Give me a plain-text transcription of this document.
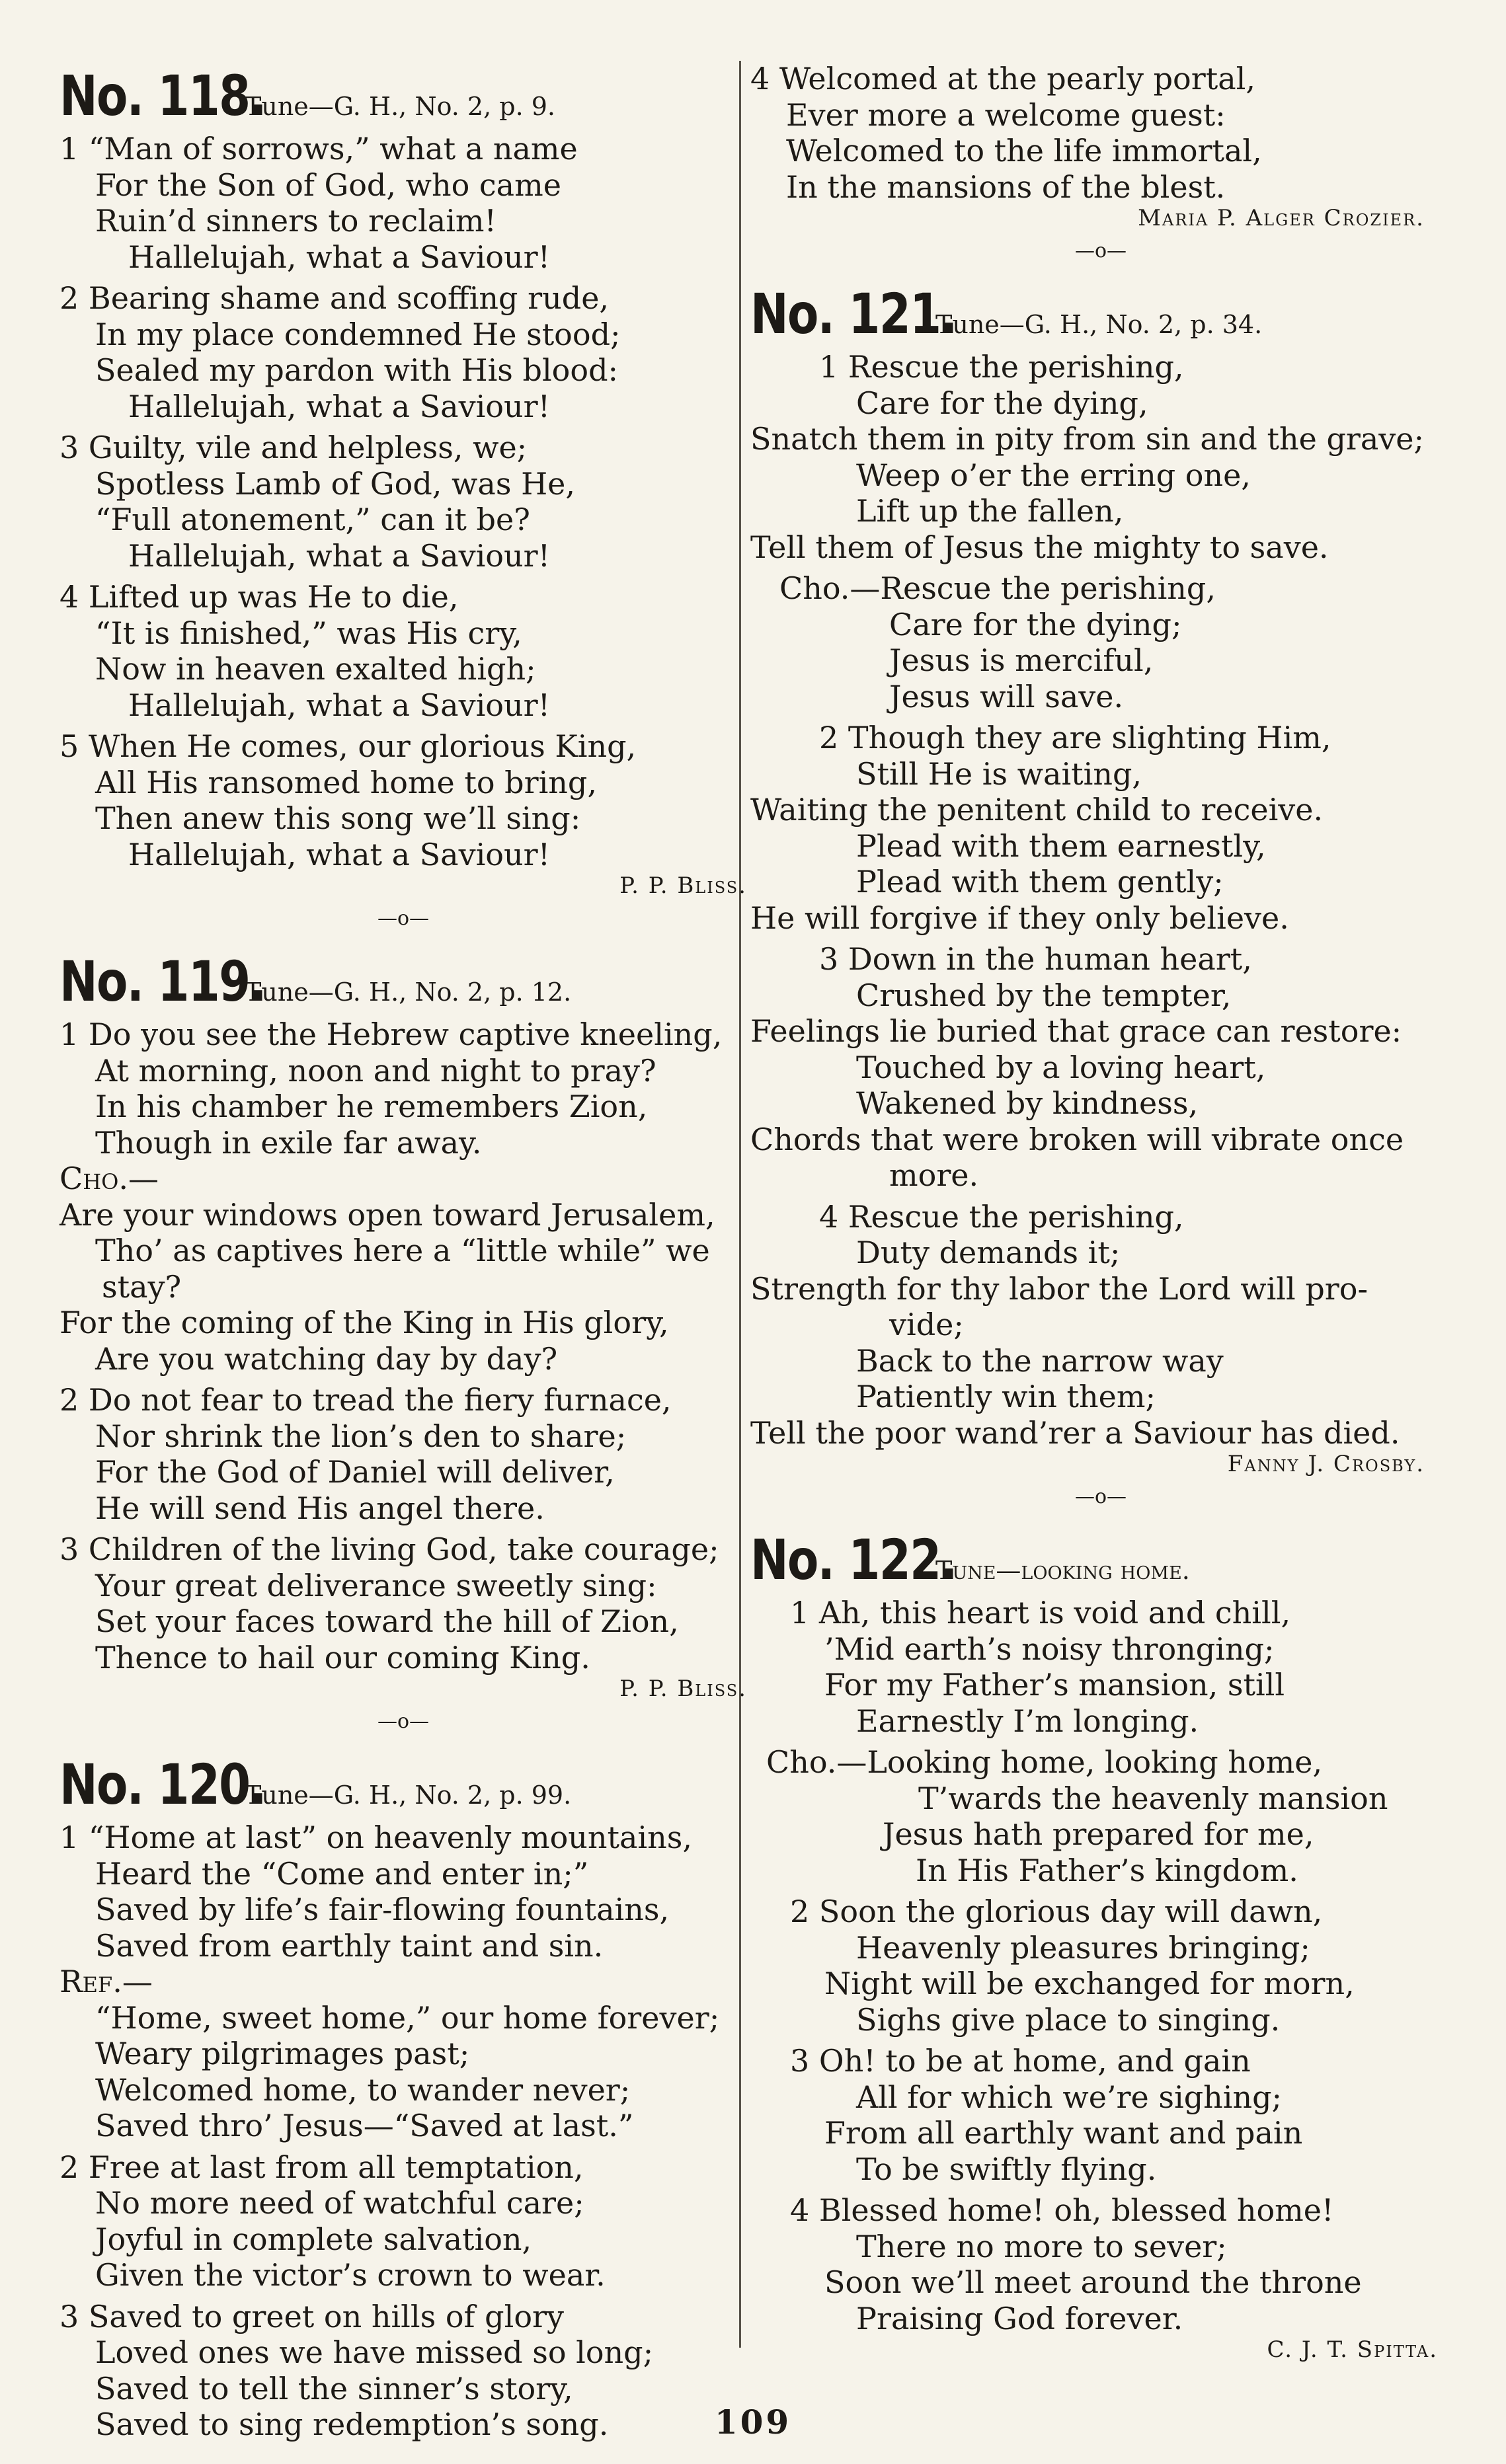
No. 118.
Tune—G. H., No. 2, p. 9.
1 “Man of sorrows,” what a name
For the Son of God, who came
Ruin’d sinners to reclaim!
Hallelujah, what a Saviour!
2 Bearing shame and scoffing rude,
In my place condemned He stood;
Sealed my pardon with His blood:
Hallelujah, what a Saviour!
3 Guilty, vile and helpless, we;
Spotless Lamb of God, was He,
“Full atonement,” can it be?
Hallelujah, what a Saviour!
4 Lifted up was He to die,
“It is finished,” was His cry,
Now in heaven exalted high;
Hallelujah, what a Saviour!
5 When He comes, our glorious King,
All His ransomed home to bring,
Then anew this song we’ll sing:
Hallelujah, what a Saviour!
P. P. Bliss.
—o—
No. 119.
Tune—G. H., No. 2, p. 12.
1 Do you see the Hebrew captive kneeling,
At morning, noon and night to pray?
In his chamber he remembers Zion,
Though in exile far away.
Cho.—
Are your windows open toward Jerusalem,
Tho’ as captives here a “little while” we
stay?
For the coming of the King in His glory,
Are you watching day by day?
2 Do not fear to tread the fiery furnace,
Nor shrink the lion’s den to share;
For the God of Daniel will deliver,
He will send His angel there.
3 Children of the living God, take courage;
Your great deliverance sweetly sing:
Set your faces toward the hill of Zion,
Thence to hail our coming King.
P. P. Bliss.
—o—
No. 120.
Tune—G. H., No. 2, p. 99.
1 “Home at last” on heavenly mountains,
Heard the “Come and enter in;”
Saved by life’s fair-flowing fountains,
Saved from earthly taint and sin.
Ref.—
“Home, sweet home,” our home forever;
Weary pilgrimages past;
Welcomed home, to wander never;
Saved thro’ Jesus—“Saved at last.”
2 Free at last from all temptation,
No more need of watchful care;
Joyful in complete salvation,
Given the victor’s crown to wear.
3 Saved to greet on hills of glory
Loved ones we have missed so long;
Saved to tell the sinner’s story,
Saved to sing redemption’s song.
4 Welcomed at the pearly portal,
Ever more a welcome guest:
Welcomed to the life immortal,
In the mansions of the blest.
Maria P. Alger Crozier.
—o—
No. 121.
Tune—G. H., No. 2, p. 34.
1 Rescue the perishing,
Care for the dying,
Snatch them in pity from sin and the grave;
Weep o’er the erring one,
Lift up the fallen,
Tell them of Jesus the mighty to save.
Cho.—Rescue the perishing,
Care for the dying;
Jesus is merciful,
Jesus will save.
2 Though they are slighting Him,
Still He is waiting,
Waiting the penitent child to receive.
Plead with them earnestly,
Plead with them gently;
He will forgive if they only believe.
3 Down in the human heart,
Crushed by the tempter,
Feelings lie buried that grace can restore:
Touched by a loving heart,
Wakened by kindness,
Chords that were broken will vibrate once
more.
4 Rescue the perishing,
Duty demands it;
Strength for thy labor the Lord will pro-
vide;
Back to the narrow way
Patiently win them;
Tell the poor wand’rer a Saviour has died.
Fanny J. Crosby.
—o—
No. 122.
Tune—looking home.
1 Ah, this heart is void and chill,
’Mid earth’s noisy thronging;
For my Father’s mansion, still
Earnestly I’m longing.
Cho.—Looking home, looking home,
T’wards the heavenly mansion
Jesus hath prepared for me,
In His Father’s kingdom.
2 Soon the glorious day will dawn,
Heavenly pleasures bringing;
Night will be exchanged for morn,
Sighs give place to singing.
3 Oh! to be at home, and gain
All for which we’re sighing;
From all earthly want and pain
To be swiftly flying.
4 Blessed home! oh, blessed home!
There no more to sever;
Soon we’ll meet around the throne
Praising God forever.
C. J. T. Spitta.
109
